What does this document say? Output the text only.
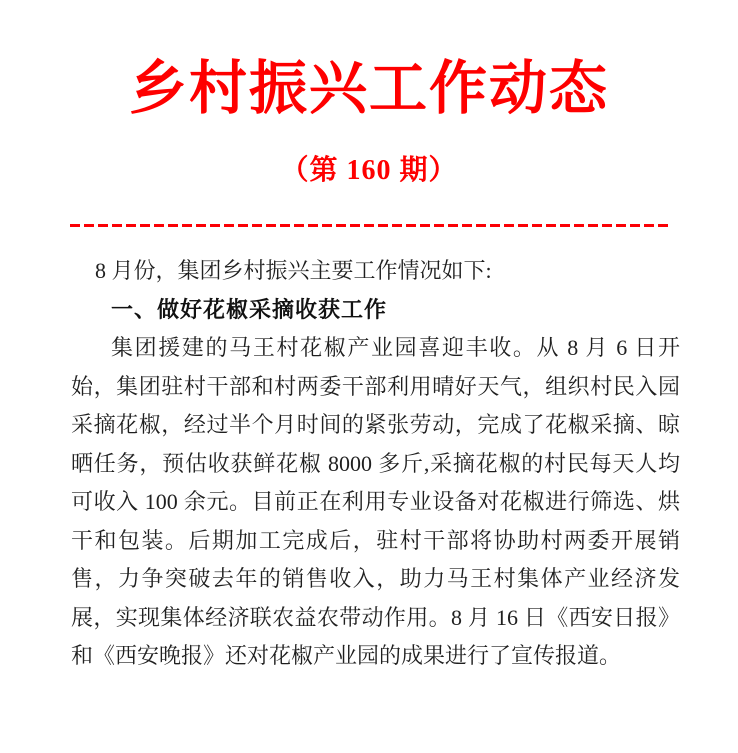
乡村振兴工作动态
（第 160 期）

8 月份，集团乡村振兴主要工作情况如下:

一、做好花椒采摘收获工作

集团援建的马王村花椒产业园喜迎丰收。从 8 月 6 日开始，集团驻村干部和村两委干部利用晴好天气，组织村民入园采摘花椒，经过半个月时间的紧张劳动，完成了花椒采摘、晾晒任务，预估收获鲜花椒 8000 多斤,采摘花椒的村民每天人均可收入 100 余元。目前正在利用专业设备对花椒进行筛选、烘干和包装。后期加工完成后，驻村干部将协助村两委开展销售，力争突破去年的销售收入，助力马王村集体产业经济发展，实现集体经济联农益农带动作用。8 月 16 日《西安日报》和《西安晚报》还对花椒产业园的成果进行了宣传报道。
